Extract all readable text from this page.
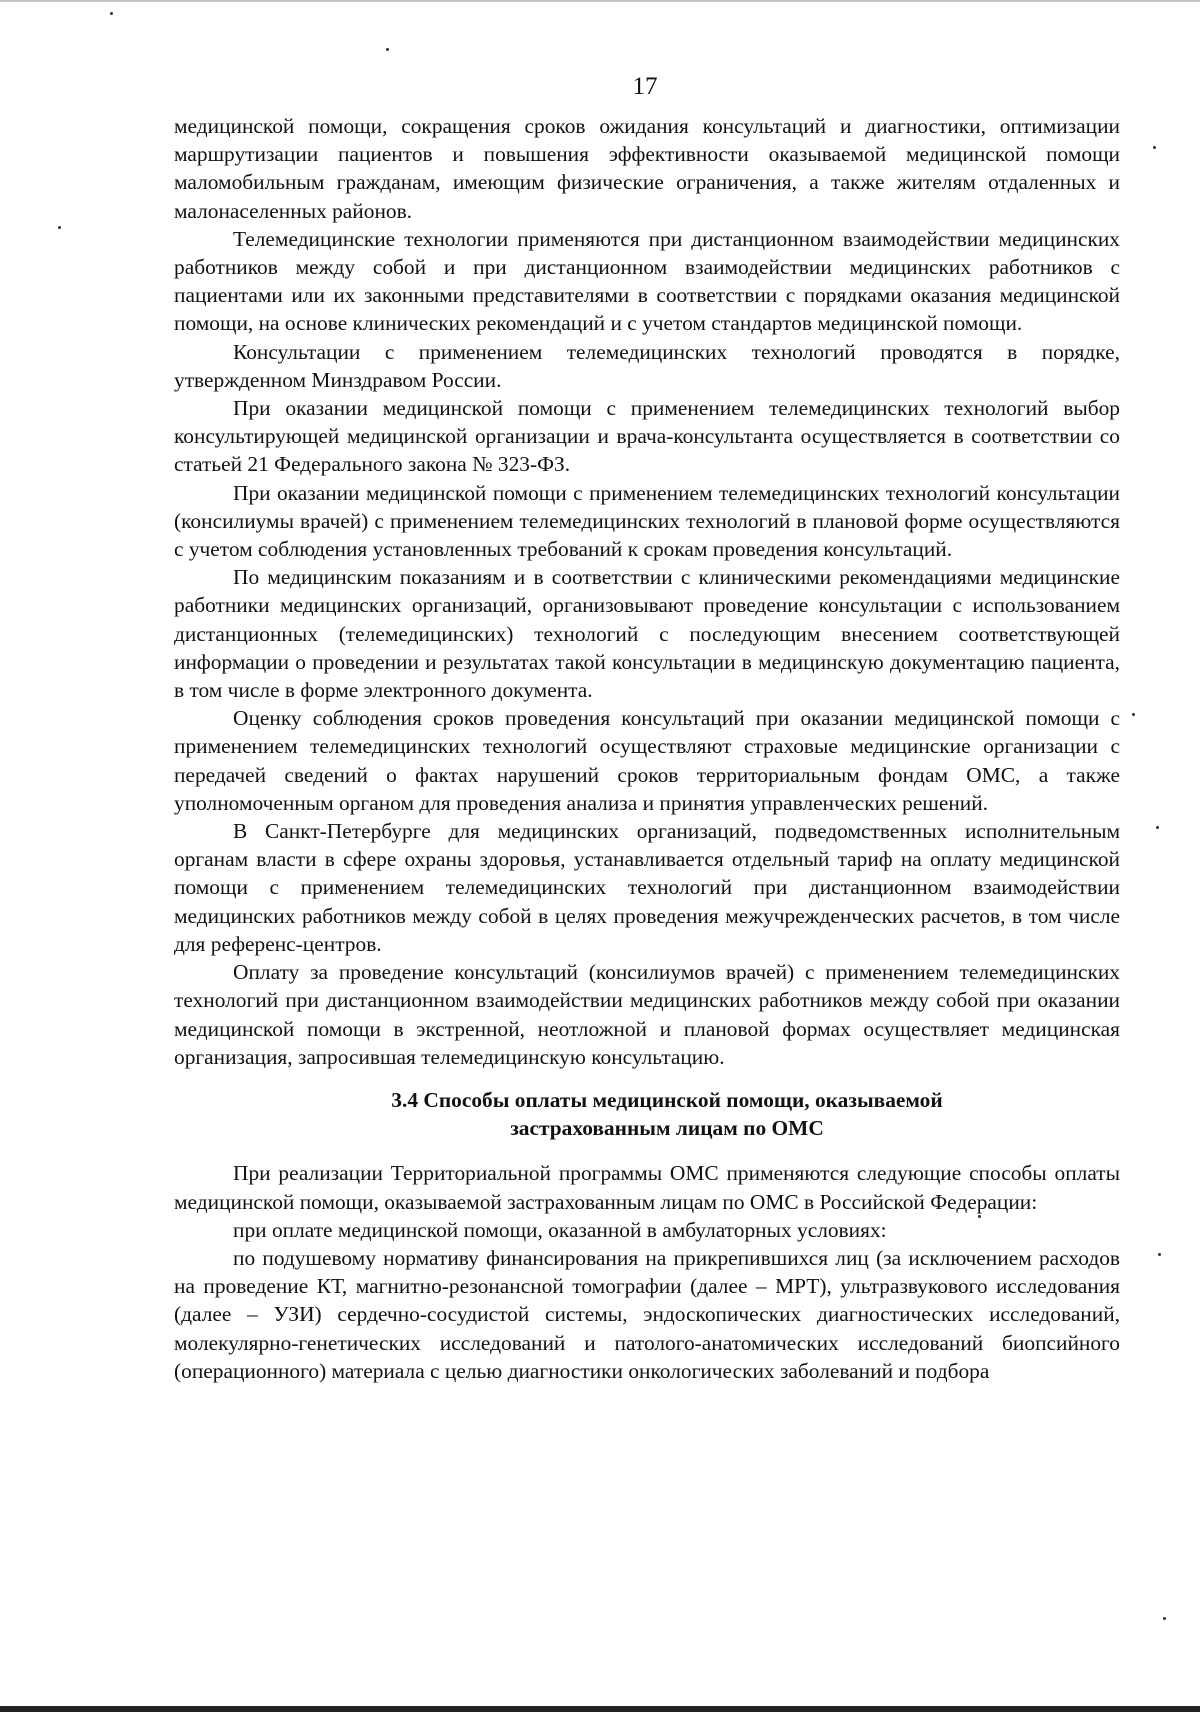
17

медицинской помощи, сокращения сроков ожидания консультаций и диагностики, оптимизации маршрутизации пациентов и повышения эффективности оказываемой медицинской помощи маломобильным гражданам, имеющим физические ограничения, а также жителям отдаленных и малонаселенных районов.

Телемедицинские технологии применяются при дистанционном взаимодействии медицинских работников между собой и при дистанционном взаимодействии медицинских работников с пациентами или их законными представителями в соответствии с порядками оказания медицинской помощи, на основе клинических рекомендаций и с учетом стандартов медицинской помощи.

Консультации с применением телемедицинских технологий проводятся в порядке, утвержденном Минздравом России.

При оказании медицинской помощи с применением телемедицинских технологий выбор консультирующей медицинской организации и врача-консультанта осуществляется в соответствии со статьей 21 Федерального закона № 323-ФЗ.

При оказании медицинской помощи с применением телемедицинских технологий консультации (консилиумы врачей) с применением телемедицинских технологий в плановой форме осуществляются с учетом соблюдения установленных требований к срокам проведения консультаций.

По медицинским показаниям и в соответствии с клиническими рекомендациями медицинские работники медицинских организаций, организовывают проведение консультации с использованием дистанционных (телемедицинских) технологий с последующим внесением соответствующей информации о проведении и результатах такой консультации в медицинскую документацию пациента, в том числе в форме электронного документа.

Оценку соблюдения сроков проведения консультаций при оказании медицинской помощи с применением телемедицинских технологий осуществляют страховые медицинские организации с передачей сведений о фактах нарушений сроков территориальным фондам ОМС, а также уполномоченным органом для проведения анализа и принятия управленческих решений.

В Санкт-Петербурге для медицинских организаций, подведомственных исполнительным органам власти в сфере охраны здоровья, устанавливается отдельный тариф на оплату медицинской помощи с применением телемедицинских технологий при дистанционном взаимодействии медицинских работников между собой в целях проведения межучрежденческих расчетов, в том числе для референс-центров.

Оплату за проведение консультаций (консилиумов врачей) с применением телемедицинских технологий при дистанционном взаимодействии медицинских работников между собой при оказании медицинской помощи в экстренной, неотложной и плановой формах осуществляет медицинская организация, запросившая телемедицинскую консультацию.

3.4 Способы оплаты медицинской помощи, оказываемой
застрахованным лицам по ОМС

При реализации Территориальной программы ОМС применяются следующие способы оплаты медицинской помощи, оказываемой застрахованным лицам по ОМС в Российской Федерации:

при оплате медицинской помощи, оказанной в амбулаторных условиях:

по подушевому нормативу финансирования на прикрепившихся лиц (за исключением расходов на проведение КТ, магнитно-резонансной томографии (далее – МРТ), ультразвукового исследования (далее – УЗИ) сердечно-сосудистой системы, эндоскопических диагностических исследований, молекулярно-генетических исследований и патолого-анатомических исследований биопсийного (операционного) материала с целью диагностики онкологических заболеваний и подбора
